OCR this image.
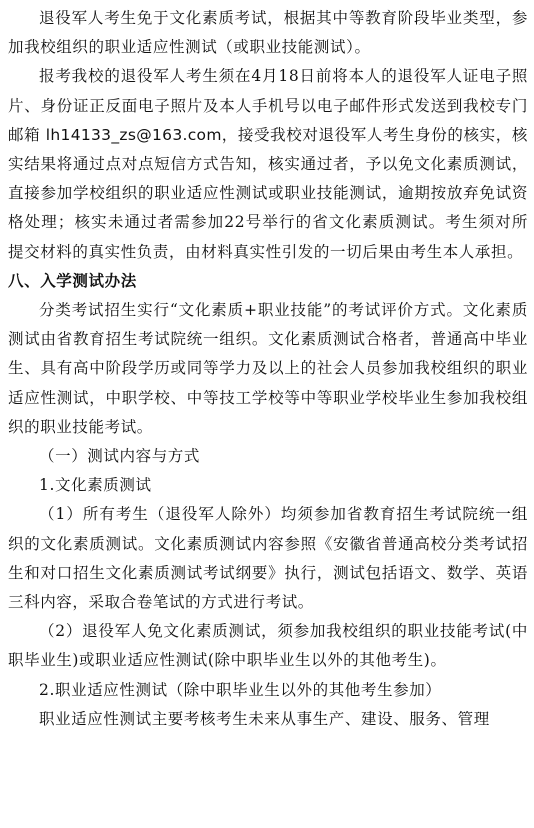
退役军人考生免于文化素质考试，根据其中等教育阶段毕业类型，参加我校组织的职业适应性测试（或职业技能测试）。

报考我校的退役军人考生须在4月18日前将本人的退役军人证电子照片、身份证正反面电子照片及本人手机号以电子邮件形式发送到我校专门邮箱 lh14133_zs@163.com，接受我校对退役军人考生身份的核实，核实结果将通过点对点短信方式告知，核实通过者，予以免文化素质测试，直接参加学校组织的职业适应性测试或职业技能测试，逾期按放弃免试资格处理；核实未通过者需参加22号举行的省文化素质测试。考生须对所提交材料的真实性负责，由材料真实性引发的一切后果由考生本人承担。

八、入学测试办法

分类考试招生实行“文化素质+职业技能”的考试评价方式。文化素质测试由省教育招生考试院统一组织。文化素质测试合格者，普通高中毕业生、具有高中阶段学历或同等学力及以上的社会人员参加我校组织的职业适应性测试，中职学校、中等技工学校等中等职业学校毕业生参加我校组织的职业技能考试。

（一）测试内容与方式

1.文化素质测试

（1）所有考生（退役军人除外）均须参加省教育招生考试院统一组织的文化素质测试。文化素质测试内容参照《安徽省普通高校分类考试招生和对口招生文化素质测试考试纲要》执行，测试包括语文、数学、英语三科内容，采取合卷笔试的方式进行考试。

（2）退役军人免文化素质测试，须参加我校组织的职业技能考试(中职毕业生)或职业适应性测试(除中职毕业生以外的其他考生)。

2.职业适应性测试（除中职毕业生以外的其他考生参加）

职业适应性测试主要考核考生未来从事生产、建设、服务、管理
